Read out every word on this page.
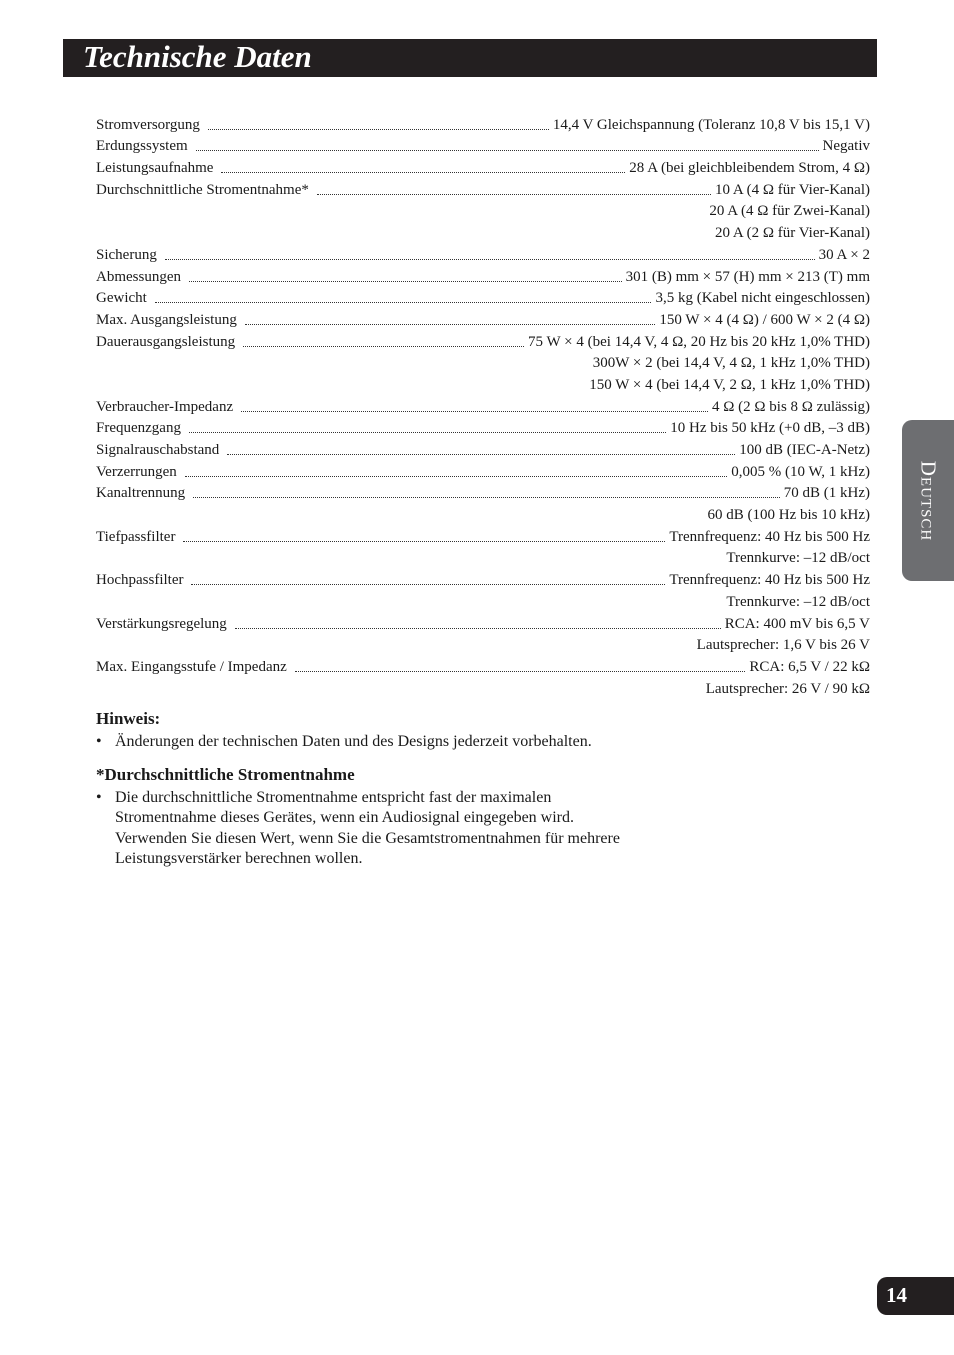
Technische Daten
Stromversorgung	14,4 V Gleichspannung (Toleranz 10,8 V bis 15,1 V)
Erdungssystem	Negativ
Leistungsaufnahme	28 A (bei gleichbleibendem Strom, 4 Ω)
Durchschnittliche Stromentnahme*	10 A (4 Ω für Vier-Kanal)
20 A (4 Ω für Zwei-Kanal)
20 A (2 Ω für Vier-Kanal)
Sicherung	30 A × 2
Abmessungen	301 (B) mm × 57 (H) mm × 213 (T) mm
Gewicht	3,5 kg (Kabel nicht eingeschlossen)
Max. Ausgangsleistung	150 W × 4 (4 Ω) / 600 W × 2 (4 Ω)
Dauerausgangsleistung	75 W × 4 (bei 14,4 V, 4 Ω, 20 Hz bis 20 kHz 1,0% THD)
300W × 2 (bei 14,4 V, 4 Ω, 1 kHz 1,0% THD)
150 W × 4 (bei 14,4 V, 2 Ω, 1 kHz 1,0% THD)
Verbraucher-Impedanz	4 Ω (2 Ω bis 8 Ω zulässig)
Frequenzgang	10 Hz bis 50 kHz (+0 dB, –3 dB)
Signalrauschabstand	100 dB (IEC-A-Netz)
Verzerrungen	0,005 % (10 W, 1 kHz)
Kanaltrennung	70 dB (1 kHz)
60 dB (100 Hz bis 10 kHz)
Tiefpassfilter	Trennfrequenz: 40 Hz bis 500 Hz
Trennkurve: –12 dB/oct
Hochpassfilter	Trennfrequenz: 40 Hz bis 500 Hz
Trennkurve: –12 dB/oct
Verstärkungsregelung	RCA: 400 mV bis 6,5 V
Lautsprecher: 1,6 V bis 26 V
Max. Eingangsstufe / Impedanz	RCA: 6,5 V / 22 kΩ
Lautsprecher: 26 V / 90 kΩ
Hinweis:
• Änderungen der technischen Daten und des Designs jederzeit vorbehalten.
*Durchschnittliche Stromentnahme
• Die durchschnittliche Stromentnahme entspricht fast der maximalen
Stromentnahme dieses Gerätes, wenn ein Audiosignal eingegeben wird.
Verwenden Sie diesen Wert, wenn Sie die Gesamtstromentnahmen für mehrere
Leistungsverstärker berechnen wollen.
Deutsch
14
